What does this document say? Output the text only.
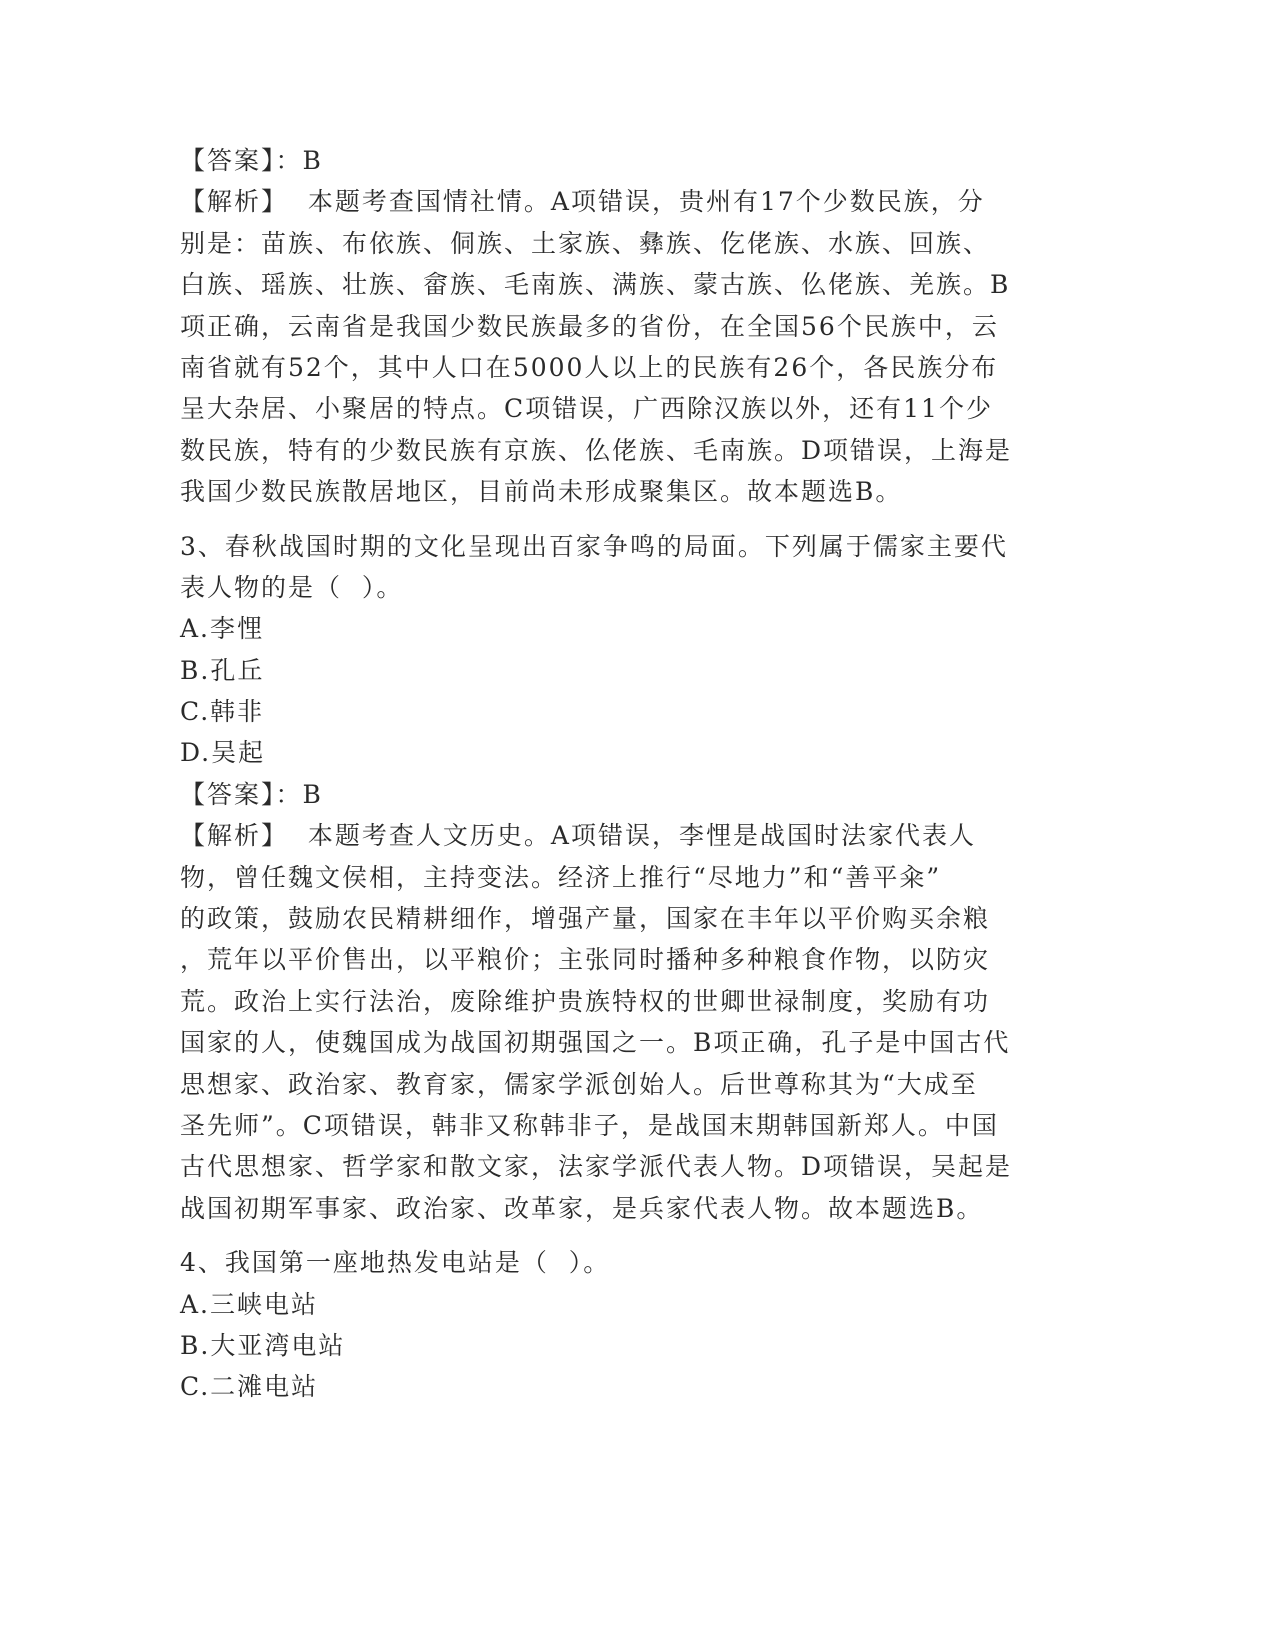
【答案】：B
【解析】  本题考查国情社情。A项错误，贵州有17个少数民族，分
别是：苗族、布依族、侗族、土家族、彝族、仡佬族、水族、回族、
白族、瑶族、壮族、畲族、毛南族、满族、蒙古族、仫佬族、羌族。B
项正确，云南省是我国少数民族最多的省份，在全国56个民族中，云
南省就有52个，其中人口在5000人以上的民族有26个，各民族分布
呈大杂居、小聚居的特点。C项错误，广西除汉族以外，还有11个少
数民族，特有的少数民族有京族、仫佬族、毛南族。D项错误，上海是
我国少数民族散居地区，目前尚未形成聚集区。故本题选B。
3、春秋战国时期的文化呈现出百家争鸣的局面。下列属于儒家主要代
表人物的是（  ）。
A.李悝
B.孔丘
C.韩非
D.吴起
【答案】：B
【解析】  本题考查人文历史。A项错误，李悝是战国时法家代表人
物，曾任魏文侯相，主持变法。经济上推行“尽地力”和“善平籴”
的政策，鼓励农民精耕细作，增强产量，国家在丰年以平价购买余粮
，荒年以平价售出，以平粮价；主张同时播种多种粮食作物，以防灾
荒。政治上实行法治，废除维护贵族特权的世卿世禄制度，奖励有功
国家的人，使魏国成为战国初期强国之一。B项正确，孔子是中国古代
思想家、政治家、教育家，儒家学派创始人。后世尊称其为“大成至
圣先师”。C项错误，韩非又称韩非子，是战国末期韩国新郑人。中国
古代思想家、哲学家和散文家，法家学派代表人物。D项错误，吴起是
战国初期军事家、政治家、改革家，是兵家代表人物。故本题选B。
4、我国第一座地热发电站是（  ）。
A.三峡电站
B.大亚湾电站
C.二滩电站
